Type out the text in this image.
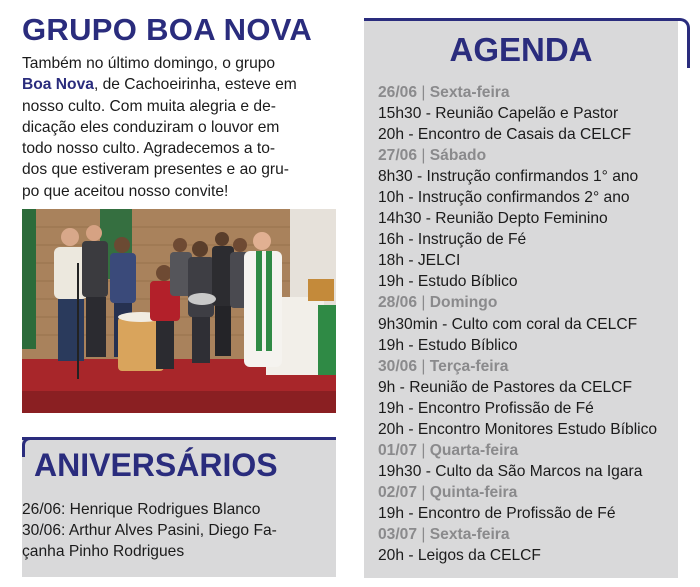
GRUPO BOA NOVA
Também no último domingo, o grupo
Boa Nova, de Cachoeirinha, esteve em
nosso culto. Com muita alegria e de-
dicação eles conduziram o louvor em
todo nosso culto. Agradecemos a to-
dos que estiveram presentes e ao gru-
po que aceitou nosso convite!
ANIVERSÁRIOS
26/06: Henrique Rodrigues Blanco
30/06: Arthur Alves Pasini, Diego Fa-
çanha Pinho Rodrigues
AGENDA
26/06 | Sexta-feira
15h30 - Reunião Capelão e Pastor
20h - Encontro de Casais da CELCF
27/06 | Sábado
8h30 - Instrução confirmandos 1° ano
10h - Instrução confirmandos 2° ano
14h30 - Reunião Depto Feminino
16h - Instrução de Fé
18h - JELCI
19h - Estudo Bíblico
28/06 | Domingo
9h30min - Culto com coral da CELCF
19h - Estudo Bíblico
30/06 | Terça-feira
9h - Reunião de Pastores da CELCF
19h - Encontro Profissão de Fé
20h - Encontro Monitores Estudo Bíblico
01/07 | Quarta-feira
19h30 - Culto da São Marcos na Igara
02/07 | Quinta-feira
19h - Encontro de Profissão de Fé
03/07 | Sexta-feira
20h - Leigos da CELCF
